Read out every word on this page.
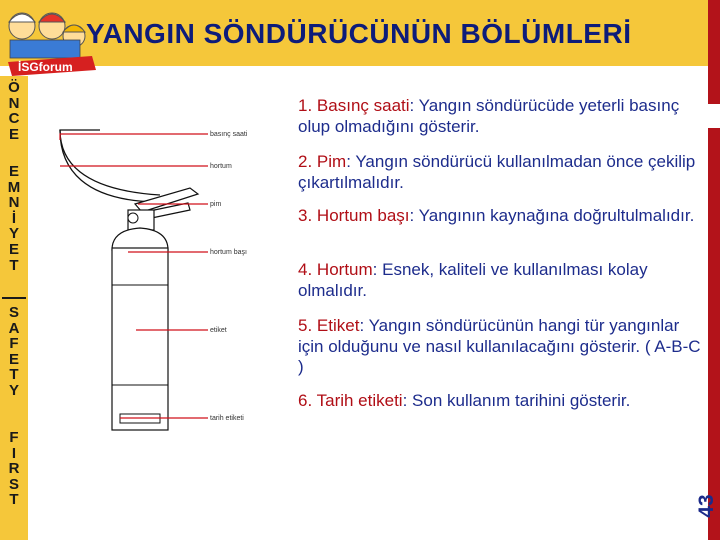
İSGforum
YANGIN SÖNDÜRÜCÜNÜN BÖLÜMLERİ
Ö
N
C
E
E
M
N
İ
Y
E
T
S
A
F
E
T
Y
F
I
R
S
T	43
basınç saati
hortum
pim
hortum başı
etiket
tarih etiketi
1. Basınç saati: Yangın söndürücüde yeterli basınç olup olmadığını gösterir.
2. Pim: Yangın söndürücü kullanılmadan önce çekilip çıkartılmalıdır.
3. Hortum başı: Yangının kaynağına doğrultulmalıdır.
4. Hortum: Esnek, kaliteli ve kullanılması kolay olmalıdır.
5. Etiket: Yangın söndürücünün hangi tür yangınlar için olduğunu ve nasıl kullanılacağını gösterir. ( A-B-C )
6. Tarih etiketi: Son kullanım tarihini gösterir.
